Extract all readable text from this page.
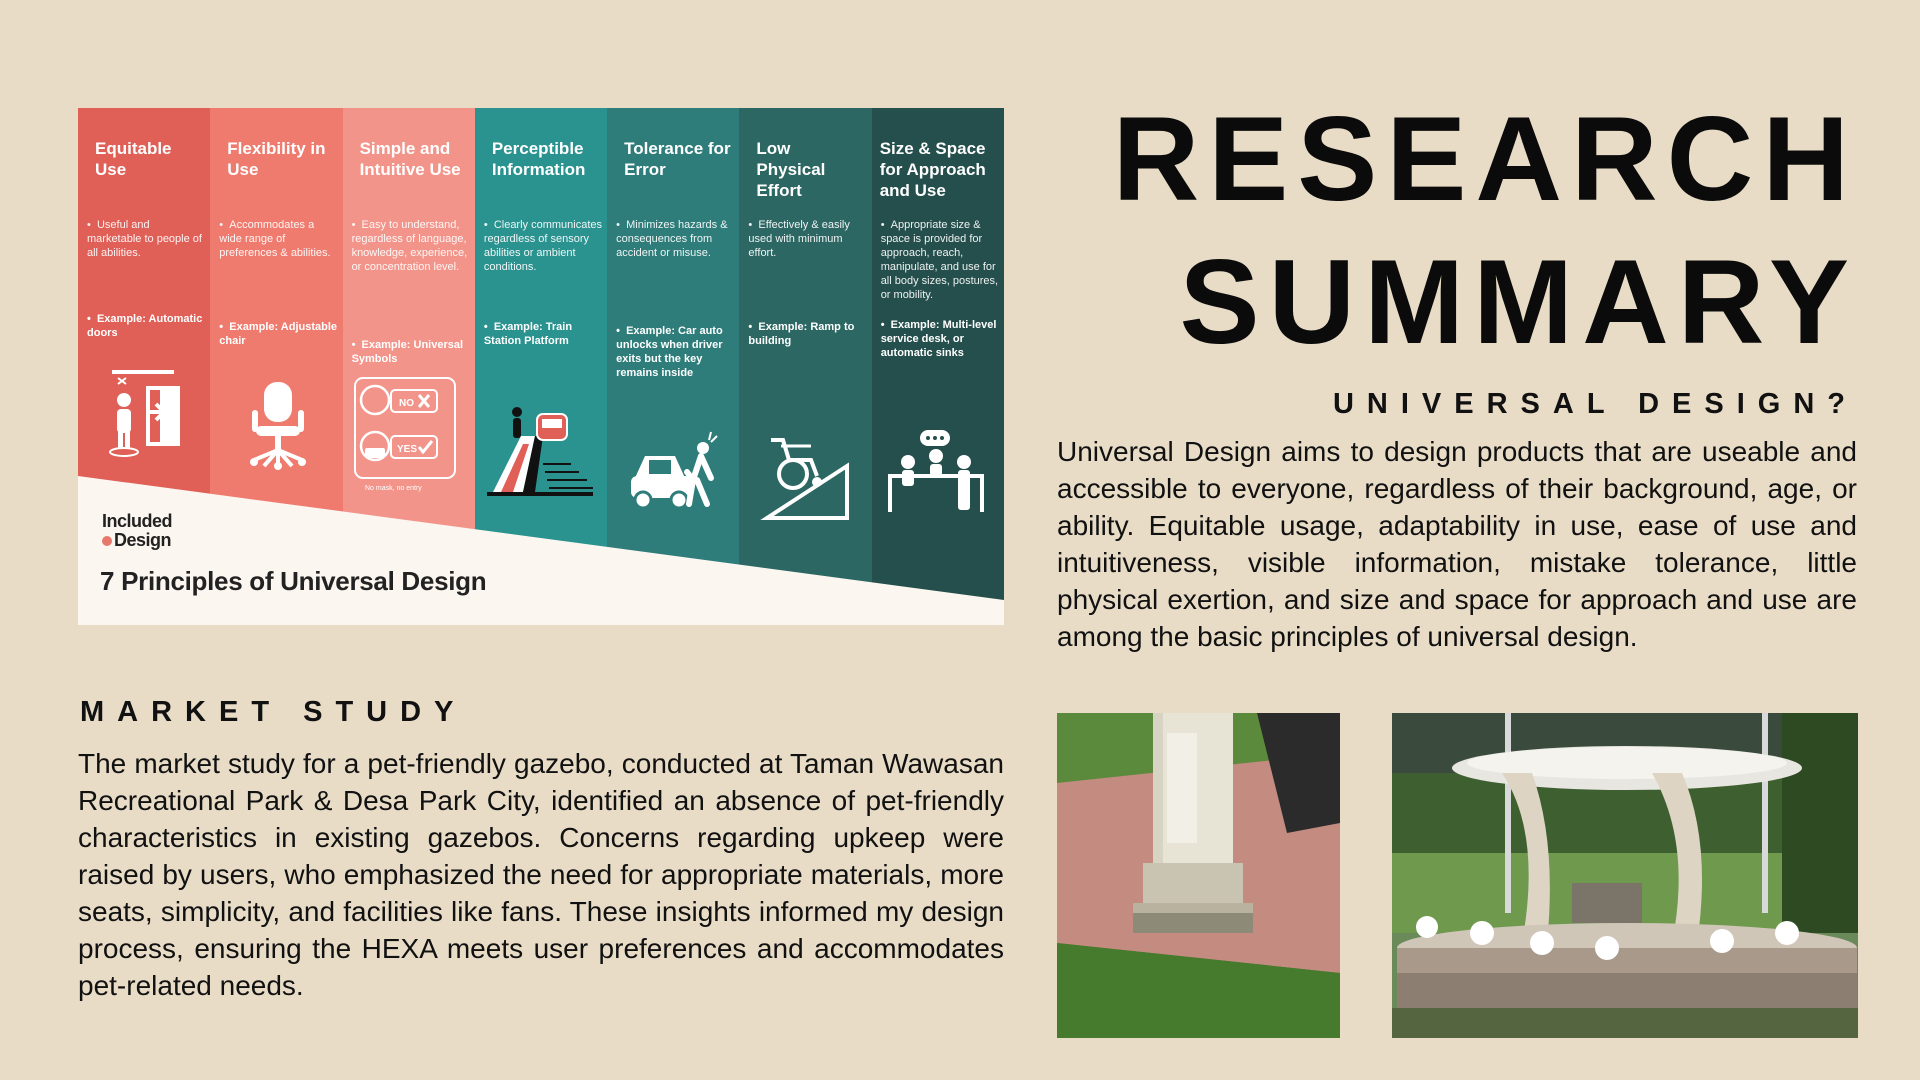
Equitable Use
•  Useful and marketable to people of all abilities.
•  Example: Automatic doors
Flexibility in Use
•  Accommodates a wide range of preferences & abilities.
•  Example: Adjustable chair
Simple and Intuitive Use
•  Easy to understand, regardless of language, knowledge, experience, or concentration level.
•  Example: Universal Symbols
NO
YES
No mask, no entry
Perceptible Information
•  Clearly communicates regardless of sensory abilities or ambient conditions.
•  Example: Train Station Platform
Tolerance for Error
•  Minimizes hazards & consequences from accident or misuse.
•  Example: Car auto unlocks when driver exits but the key remains inside
Low Physical Effort
•  Effectively & easily used with minimum effort.
•  Example: Ramp to building
Size & Space for Approach and Use
•  Appropriate size & space is provided for approach, reach, manipulate, and use for all body sizes, postures, or mobility.
•  Example: Multi-level service desk, or automatic sinks
Included
Design
7 Principles of Universal Design
RESEARCH
SUMMARY
UNIVERSAL DESIGN?
Universal Design aims to design products that are useable and accessible to everyone, regardless of their background, age, or ability. Equitable usage, adaptability in use, ease of use and intuitiveness, visible information, mistake tolerance, little physical exertion, and size and space for approach and use are among the basic principles of universal design.
MARKET STUDY
The market study for a pet-friendly gazebo, conducted at Taman Wawasan Recreational Park & Desa Park City, identified an absence of pet-friendly characteristics in existing gazebos. Concerns regarding upkeep were raised by users, who emphasized the need for appropriate materials, more seats, simplicity, and facilities like fans. These insights informed my design process, ensuring the HEXA meets user preferences and accommodates pet-related needs.
